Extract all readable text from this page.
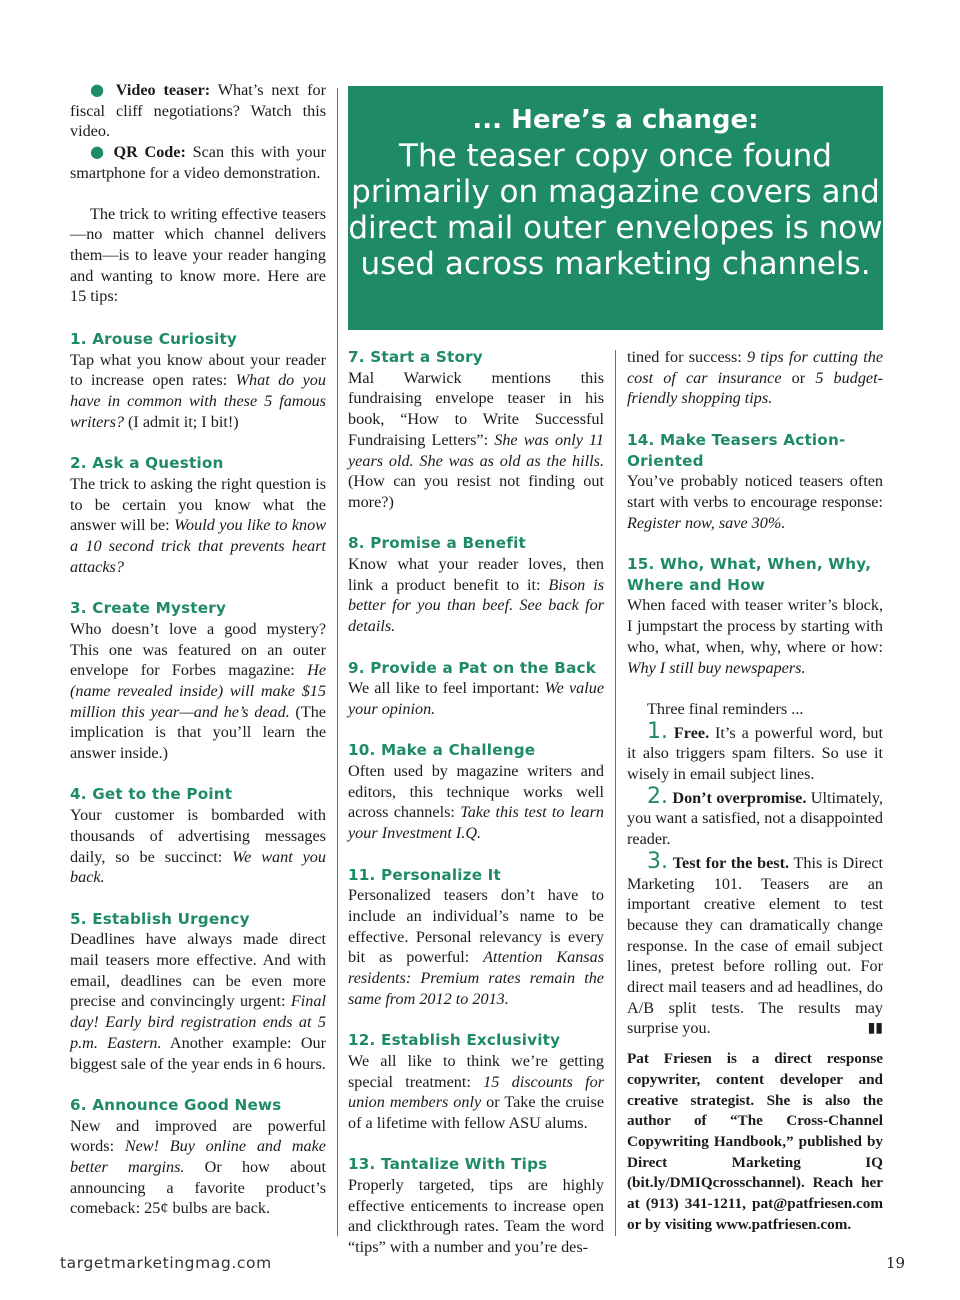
● Video teaser: What’s next for fiscal cliff negotiations? Watch this video.

● QR Code: Scan this with your smartphone for a video demonstration.

The trick to writing effective teasers—no matter which channel delivers them—is to leave your reader hanging and wanting to know more. Here are 15 tips:

1. Arouse Curiosity

Tap what you know about your reader to increase open rates: What do you have in common with these 5 famous writers? (I admit it; I bit!)

2. Ask a Question

The trick to asking the right question is to be certain you know what the answer will be: Would you like to know a 10 second trick that prevents heart attacks?

3. Create Mystery

Who doesn’t love a good mystery? This one was featured on an outer envelope for Forbes magazine: He (name revealed inside) will make $15 million this year—and he’s dead. (The implication is that you’ll learn the answer inside.)

4. Get to the Point

Your customer is bombarded with thousands of advertising messages daily, so be succinct: We want you back.

5. Establish Urgency

Deadlines have always made direct mail teasers more effective. And with email, deadlines can be even more precise and convincingly urgent: Final day! Early bird registration ends at 5 p.m. Eastern. Another example: Our biggest sale of the year ends in 6 hours.

6. Announce Good News

New and improved are powerful words: New! Buy online and make better margins. Or how about announcing a favorite product’s comeback: 25¢ bulbs are back.

... Here’s a change:
The teaser copy once found primarily on magazine covers and direct mail outer envelopes is now used across marketing channels.
7. Start a Story

Mal Warwick mentions this fundraising envelope teaser in his book, “How to Write Successful Fundraising Letters”: She was only 11 years old. She was as old as the hills. (How can you resist not finding out more?)

8. Promise a Benefit

Know what your reader loves, then link a product benefit to it: Bison is better for you than beef. See back for details.

9. Provide a Pat on the Back

We all like to feel important: We value your opinion.

10. Make a Challenge

Often used by magazine writers and editors, this technique works well across channels: Take this test to learn your Investment I.Q.

11. Personalize It

Personalized teasers don’t have to include an individual’s name to be effective. Personal relevancy is every bit as powerful: Attention Kansas residents: Premium rates remain the same from 2012 to 2013.

12. Establish Exclusivity

We all like to think we’re getting special treatment: 15 discounts for union members only or Take the cruise of a lifetime with fellow ASU alums.

13. Tantalize With Tips

Properly targeted, tips are highly effective enticements to increase open and clickthrough rates. Team the word “tips” with a number and you’re des-

tined for success: 9 tips for cutting the cost of car insurance or 5 budget-friendly shopping tips.

14. Make Teasers Action-Oriented

You’ve probably noticed teasers often start with verbs to encourage response: Register now, save 30%.

15. Who, What, When, Why, Where and How

When faced with teaser writer’s block, I jumpstart the process by starting with who, what, when, why, where or how: Why I still buy newspapers.

Three final reminders ...

1. Free. It’s a powerful word, but it also triggers spam filters. So use it wisely in email subject lines.

2. Don’t overpromise. Ultimately, you want a satisfied, not a disappointed reader.

3. Test for the best. This is Direct Marketing 101. Teasers are an important creative element to test because they can dramatically change response. In the case of email subject lines, pretest before rolling out. For direct mail teasers and ad headlines, do A/B split tests. The results may surprise you.	▮▮

Pat Friesen is a direct response copywriter, content developer and creative strategist. She is also the author of “The Cross-Channel Copywriting Handbook,” published by Direct Marketing IQ (bit.ly/DMIQcrosschannel). Reach her at (913) 341-1211, pat@patfriesen.com or by visiting www.patfriesen.com.
targetmarketingmag.com	19
